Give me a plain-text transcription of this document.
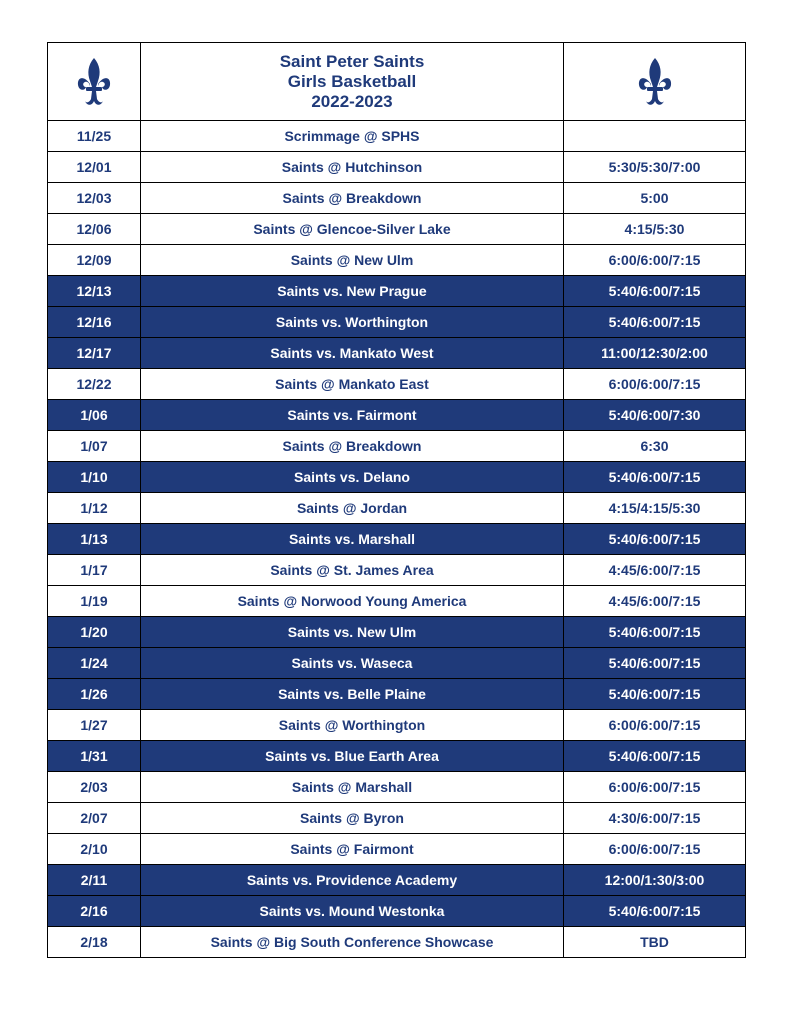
Saint Peter Saints
Girls Basketball
2022-2023

11/25	Scrimmage @ SPHS	
12/01	Saints @ Hutchinson	5:30/5:30/7:00
12/03	Saints @ Breakdown	5:00
12/06	Saints @ Glencoe-Silver Lake	4:15/5:30
12/09	Saints @ New Ulm	6:00/6:00/7:15
12/13	Saints vs. New Prague	5:40/6:00/7:15
12/16	Saints vs. Worthington	5:40/6:00/7:15
12/17	Saints vs. Mankato West	11:00/12:30/2:00
12/22	Saints @ Mankato East	6:00/6:00/7:15
1/06	Saints vs. Fairmont	5:40/6:00/7:30
1/07	Saints @ Breakdown	6:30
1/10	Saints vs. Delano	5:40/6:00/7:15
1/12	Saints @ Jordan	4:15/4:15/5:30
1/13	Saints vs. Marshall	5:40/6:00/7:15
1/17	Saints @ St. James Area	4:45/6:00/7:15
1/19	Saints @ Norwood Young America	4:45/6:00/7:15
1/20	Saints vs. New Ulm	5:40/6:00/7:15
1/24	Saints vs. Waseca	5:40/6:00/7:15
1/26	Saints vs. Belle Plaine	5:40/6:00/7:15
1/27	Saints @ Worthington	6:00/6:00/7:15
1/31	Saints vs. Blue Earth Area	5:40/6:00/7:15
2/03	Saints @ Marshall	6:00/6:00/7:15
2/07	Saints @ Byron	4:30/6:00/7:15
2/10	Saints @ Fairmont	6:00/6:00/7:15
2/11	Saints vs. Providence Academy	12:00/1:30/3:00
2/16	Saints vs. Mound Westonka	5:40/6:00/7:15
2/18	Saints @ Big South Conference Showcase	TBD
